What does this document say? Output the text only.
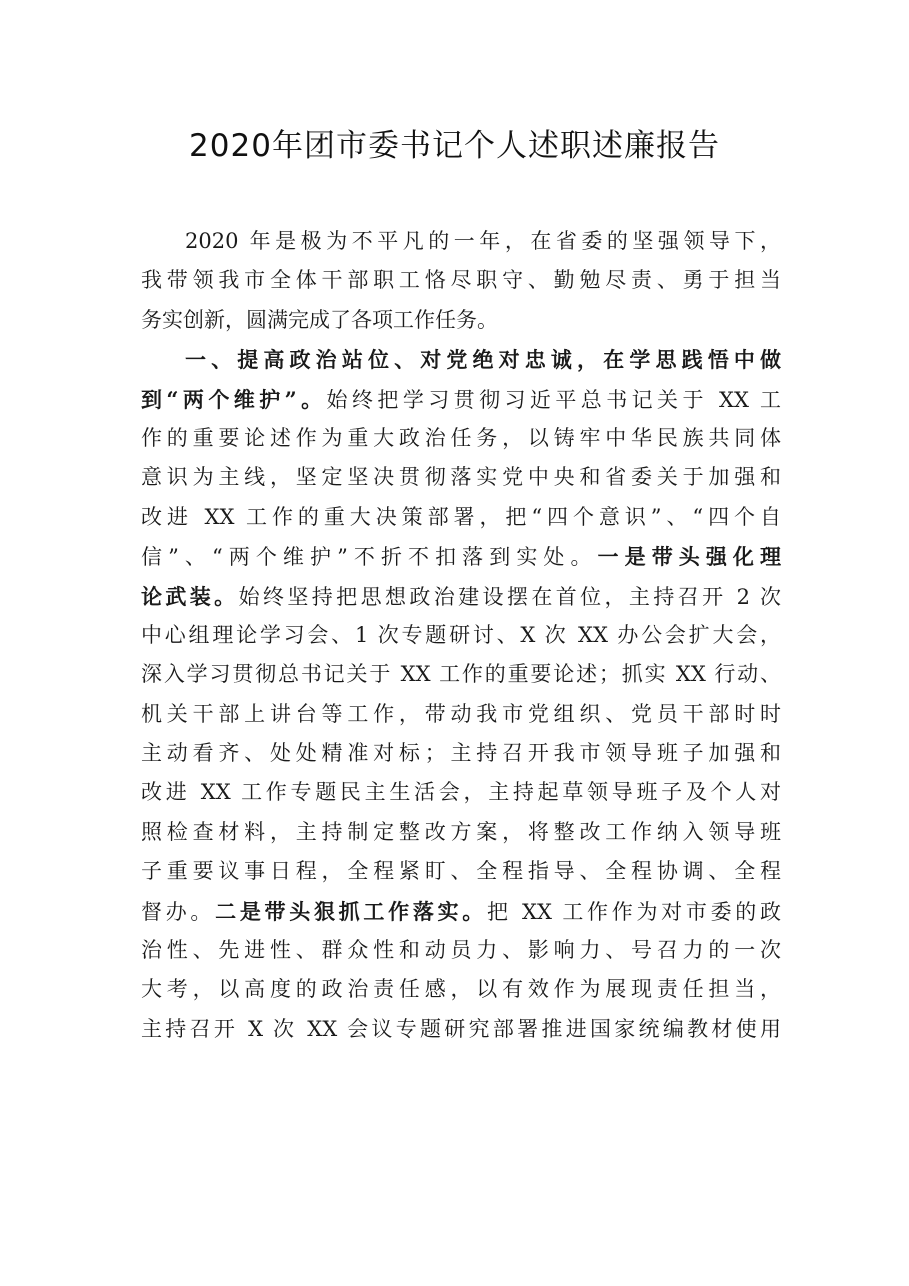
2020年团市委书记个人述职述廉报告
2020 年是极为不平凡的一年，在省委的坚强领导下，
我带领我市全体干部职工恪尽职守、勤勉尽责、勇于担当
务实创新，圆满完成了各项工作任务。
一、提高政治站位、对党绝对忠诚，在学思践悟中做
到“两个维护”。始终把学习贯彻习近平总书记关于 XX 工
作的重要论述作为重大政治任务，以铸牢中华民族共同体
意识为主线，坚定坚决贯彻落实党中央和省委关于加强和
改进 XX 工作的重大决策部署，把“四个意识”、“四个自
信”、“两个维护”不折不扣落到实处。一是带头强化理
论武装。始终坚持把思想政治建设摆在首位，主持召开 2 次
中心组理论学习会、1 次专题研讨、X 次 XX 办公会扩大会，
深入学习贯彻总书记关于 XX 工作的重要论述；抓实 XX 行动、
机关干部上讲台等工作，带动我市党组织、党员干部时时
主动看齐、处处精准对标；主持召开我市领导班子加强和
改进 XX 工作专题民主生活会，主持起草领导班子及个人对
照检查材料，主持制定整改方案，将整改工作纳入领导班
子重要议事日程，全程紧盯、全程指导、全程协调、全程
督办。二是带头狠抓工作落实。把 XX 工作作为对市委的政
治性、先进性、群众性和动员力、影响力、号召力的一次
大考，以高度的政治责任感，以有效作为展现责任担当，
主持召开 X 次 XX 会议专题研究部署推进国家统编教材使用
